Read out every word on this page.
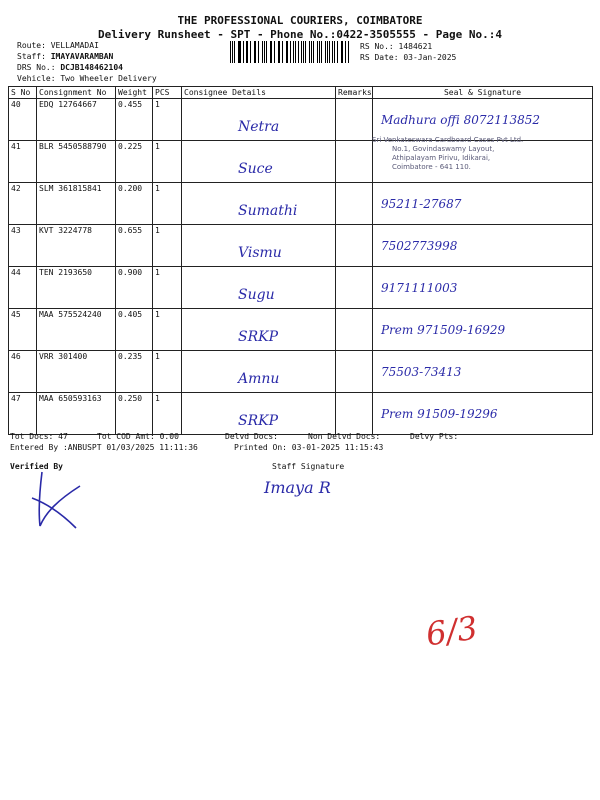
THE PROFESSIONAL COURIERS, COIMBATORE
Delivery Runsheet - SPT - Phone No.:0422-3505555 - Page No.:4
Route: VELLAMADAI
Staff: IMAYAVARAMBAN
DRS No.: DCJB148462104
Vehicle: Two Wheeler Delivery
RS No.: 1484621
RS Date: 03-Jan-2025
S No	Consignment No	Weight	PCS	Consignee Details	Remarks	Seal & Signature
40	EDQ 12764667	0.455	1	Netra		Madhura offi 8072113852

41	BLR 5450588790	0.225	1	Suce		

42	SLM 361815841	0.200	1	Sumathi		95211-27687

43	KVT 3224778	0.655	1	Vismu		7502773998

44	TEN 2193650	0.900	1	Sugu		9171111003

45	MAA 575524240	0.405	1	SRKP		Prem 971509-16929

46	VRR 301400	0.235	1	Amnu		75503-73413

47	MAA 650593163	0.250	1	SRKP		Prem 91509-19296
Sri Venkateswara Cardboard Cases Pvt Ltd.
No.1, Govindaswamy Layout,
Athipalayam Pirivu, Idikarai,
Coimbatore - 641 110.
Tot Docs: 47	Tot COD Amt: 0.00	Delvd Docs:	Non Delvd Docs:	Delvy Pts:
Entered By :ANBUSPT 01/03/2025 11:11:36	Printed On: 03-01-2025 11:15:43
Verified By	Staff Signature
Imaya R
6/3
